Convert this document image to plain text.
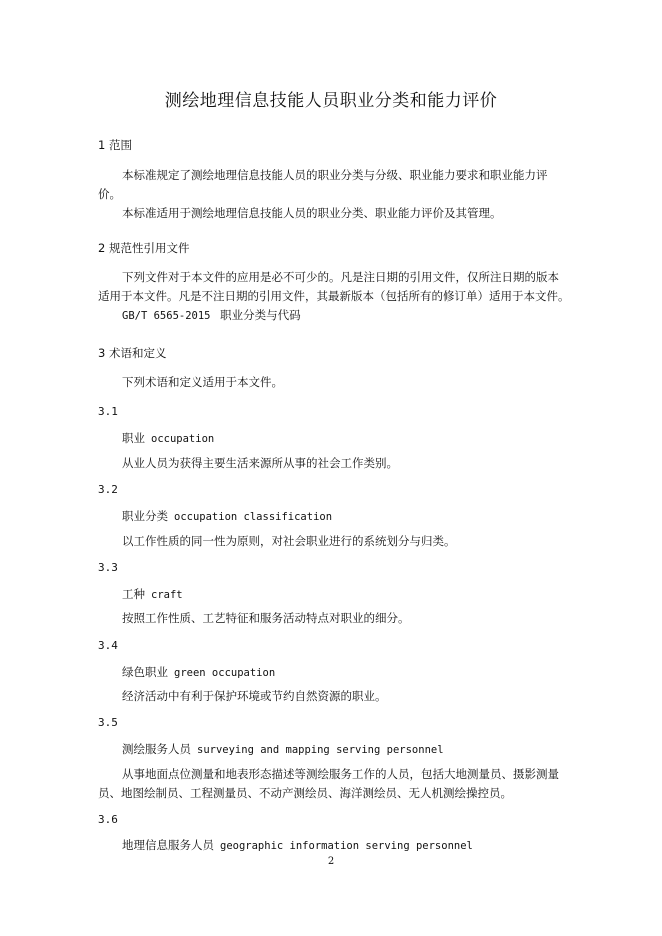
测绘地理信息技能人员职业分类和能力评价
1 范围
本标准规定了测绘地理信息技能人员的职业分类与分级、职业能力要求和职业能力评价。
本标准适用于测绘地理信息技能人员的职业分类、职业能力评价及其管理。
2 规范性引用文件
下列文件对于本文件的应用是必不可少的。凡是注日期的引用文件，仅所注日期的版本适用于本文件。凡是不注日期的引用文件，其最新版本（包括所有的修订单）适用于本文件。
GB/T 6565-2015 职业分类与代码
3 术语和定义
下列术语和定义适用于本文件。
3.1
职业 occupation
从业人员为获得主要生活来源所从事的社会工作类别。
3.2
职业分类 occupation classification
以工作性质的同一性为原则，对社会职业进行的系统划分与归类。
3.3
工种 craft
按照工作性质、工艺特征和服务活动特点对职业的细分。
3.4
绿色职业 green occupation
经济活动中有利于保护环境或节约自然资源的职业。
3.5
测绘服务人员 surveying and mapping serving personnel
从事地面点位测量和地表形态描述等测绘服务工作的人员，包括大地测量员、摄影测量员、地图绘制员、工程测量员、不动产测绘员、海洋测绘员、无人机测绘操控员。
3.6
地理信息服务人员 geographic information serving personnel
2
